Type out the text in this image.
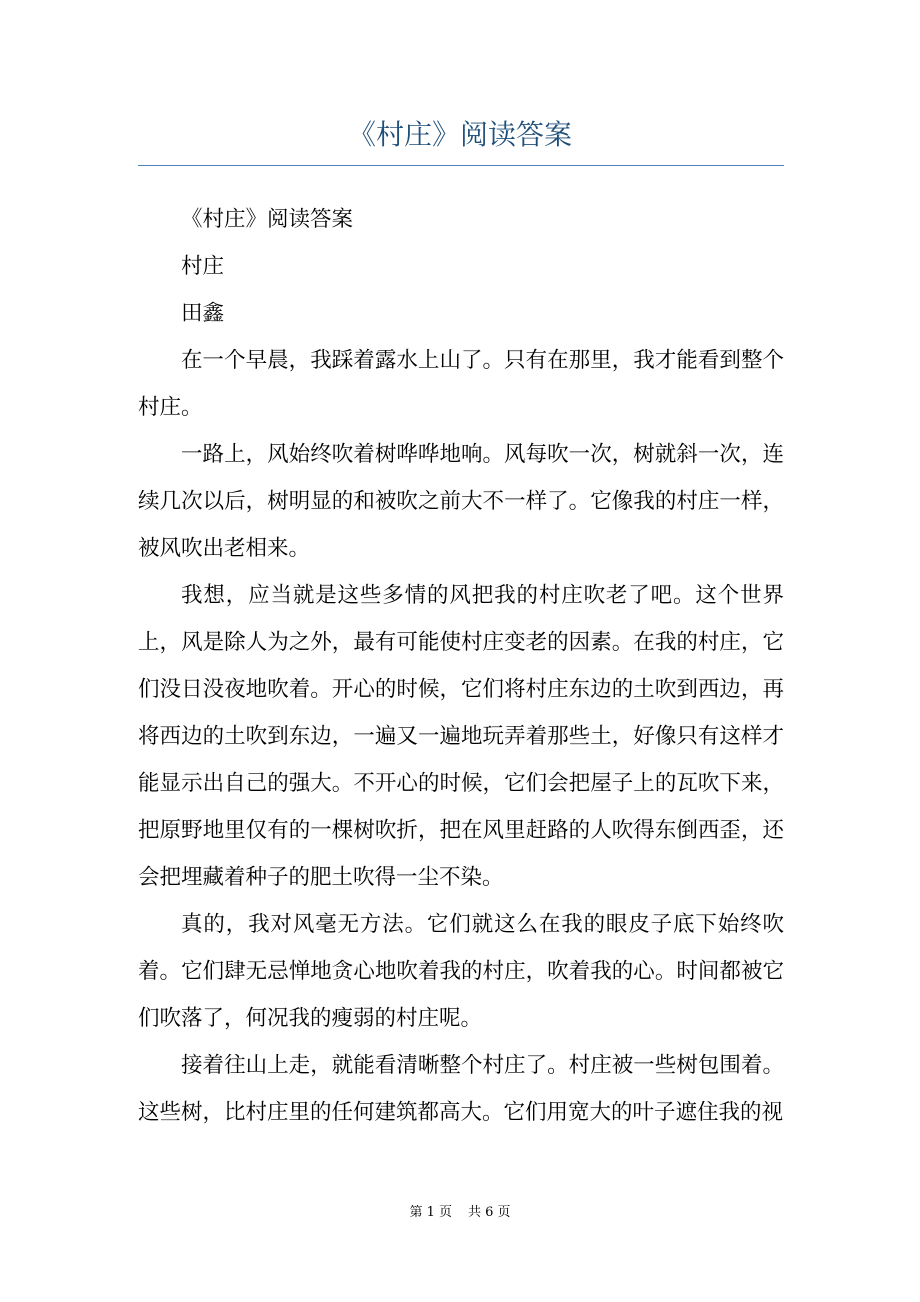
《村庄》阅读答案

《村庄》阅读答案

村庄

田鑫

在一个早晨，我踩着露水上山了。只有在那里，我才能看到整个村庄。

一路上，风始终吹着树哗哗地响。风每吹一次，树就斜一次，连续几次以后，树明显的和被吹之前大不一样了。它像我的村庄一样，被风吹出老相来。

我想，应当就是这些多情的风把我的村庄吹老了吧。这个世界上，风是除人为之外，最有可能使村庄变老的因素。在我的村庄，它们没日没夜地吹着。开心的时候，它们将村庄东边的土吹到西边，再将西边的土吹到东边，一遍又一遍地玩弄着那些土，好像只有这样才能显示出自己的强大。不开心的时候，它们会把屋子上的瓦吹下来，把原野地里仅有的一棵树吹折，把在风里赶路的人吹得东倒西歪，还会把埋藏着种子的肥土吹得一尘不染。

真的，我对风毫无方法。它们就这么在我的眼皮子底下始终吹着。它们肆无忌惮地贪心地吹着我的村庄，吹着我的心。时间都被它们吹落了，何况我的瘦弱的村庄呢。

接着往山上走，就能看清晰整个村庄了。村庄被一些树包围着。这些树，比村庄里的任何建筑都高大。它们用宽大的叶子遮住我的视

第 1 页 共 6 页
